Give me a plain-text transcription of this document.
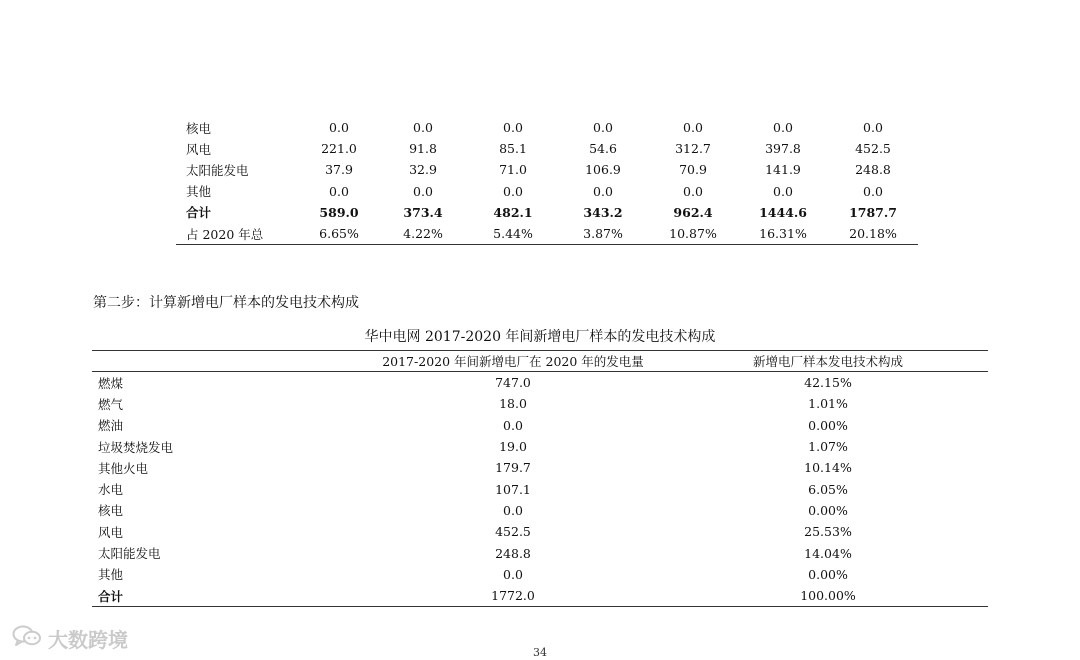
核电	0.0	0.0	0.0	0.0	0.0	0.0	0.0
风电	221.0	91.8	85.1	54.6	312.7	397.8	452.5
太阳能发电	37.9	32.9	71.0	106.9	70.9	141.9	248.8
其他	0.0	0.0	0.0	0.0	0.0	0.0	0.0
合计	589.0	373.4	482.1	343.2	962.4	1444.6	1787.7
占 2020 年总	6.65%	4.22%	5.44%	3.87%	10.87%	16.31%	20.18%
第二步：计算新增电厂样本的发电技术构成
华中电网 2017-2020 年间新增电厂样本的发电技术构成
	2017-2020 年间新增电厂在 2020 年的发电量	新增电厂样本发电技术构成
燃煤	747.0	42.15%
燃气	18.0	1.01%
燃油	0.0	0.00%
垃圾焚烧发电	19.0	1.07%
其他火电	179.7	10.14%
水电	107.1	6.05%
核电	0.0	0.00%
风电	452.5	25.53%
太阳能发电	248.8	14.04%
其他	0.0	0.00%
合计	1772.0	100.00%
大数跨境
34
